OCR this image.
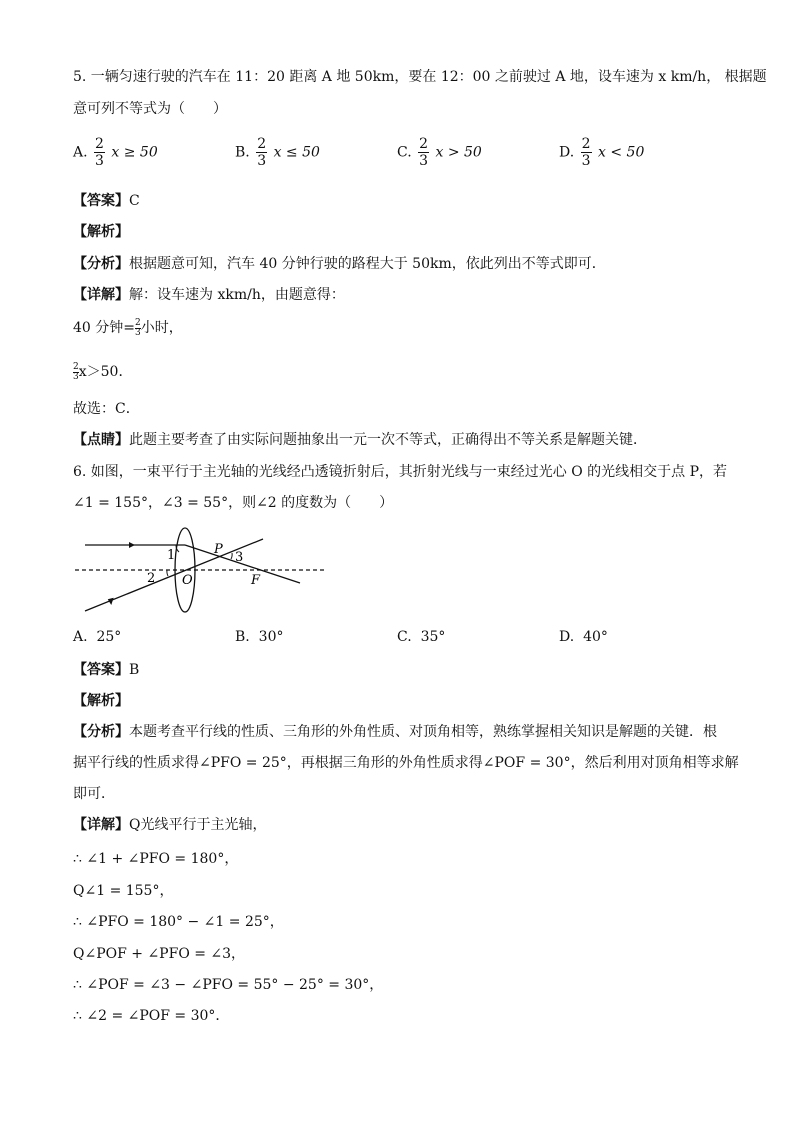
5. 一辆匀速行驶的汽车在 11：20 距离 A 地 50km，要在 12：00 之前驶过 A 地，设车速为 x km/h， 根据题
意可列不等式为（　　）
A. $\frac{2}{3}$ x ≥ 50	B. $\frac{2}{3}$ x ≤ 50	C. $\frac{2}{3}$ x > 50	D. $\frac{2}{3}$ x < 50
【答案】C
【解析】
【分析】根据题意可知，汽车 40 分钟行驶的路程大于 50km，依此列出不等式即可．
【详解】解：设车速为 xkm/h，由题意得：
40 分钟= $\frac{2}{3}$ 小时，
$\frac{2}{3} x>50$．
故选：C．
【点睛】此题主要考查了由实际问题抽象出一元一次不等式，正确得出不等关系是解题关键．
6. 如图，一束平行于主光轴的光线经凸透镜折射后，其折射光线与一束经过光心 O 的光线相交于点 P，若
∠1 = 155°，∠3 = 55°，则∠2 的度数为（　　）
1
2
3
P
O	F
A. 25°	B. 30°	C. 35°	D. 40°
【答案】B
【解析】
【分析】本题考查平行线的性质、三角形的外角性质、对顶角相等，熟练掌握相关知识是解题的关键．根
据平行线的性质求得∠PFO = 25°，再根据三角形的外角性质求得∠POF = 30°，然后利用对顶角相等求解
即可．
【详解】Q光线平行于主光轴，
∴ ∠1 + ∠PFO = 180°，
Q∠1 = 155°，
∴ ∠PFO = 180° − ∠1 = 25°，
Q∠POF + ∠PFO = ∠3，
∴ ∠POF = ∠3 − ∠PFO = 55° − 25° = 30°，
∴ ∠2 = ∠POF = 30°．
